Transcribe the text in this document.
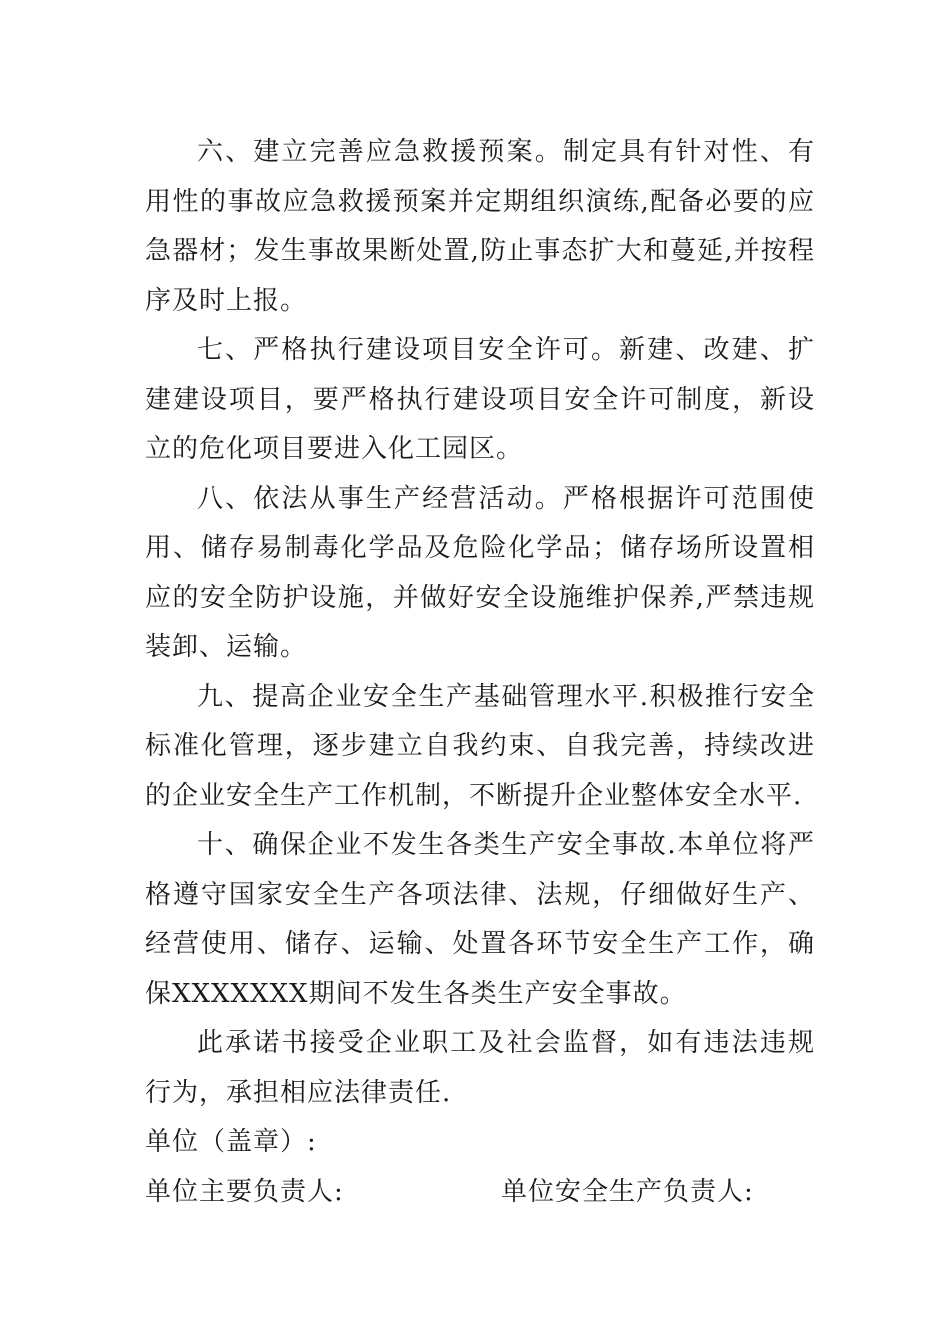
六、建立完善应急救援预案。制定具有针对性、有用性的事故应急救援预案并定期组织演练,配备必要的应急器材；发生事故果断处置,防止事态扩大和蔓延,并按程序及时上报。

七、严格执行建设项目安全许可。新建、改建、扩建建设项目，要严格执行建设项目安全许可制度，新设立的危化项目要进入化工园区。

八、依法从事生产经营活动。严格根据许可范围使用、储存易制毒化学品及危险化学品；储存场所设置相应的安全防护设施，并做好安全设施维护保养,严禁违规装卸、运输。

九、提高企业安全生产基础管理水平.积极推行安全标准化管理，逐步建立自我约束、自我完善，持续改进的企业安全生产工作机制，不断提升企业整体安全水平.

十、确保企业不发生各类生产安全事故.本单位将严格遵守国家安全生产各项法律、法规，仔细做好生产、经营使用、储存、运输、处置各环节安全生产工作，确保XXXXXXX期间不发生各类生产安全事故。

此承诺书接受企业职工及社会监督，如有违法违规行为，承担相应法律责任.

单位（盖章）:

单位主要负责人:	单位安全生产负责人:
